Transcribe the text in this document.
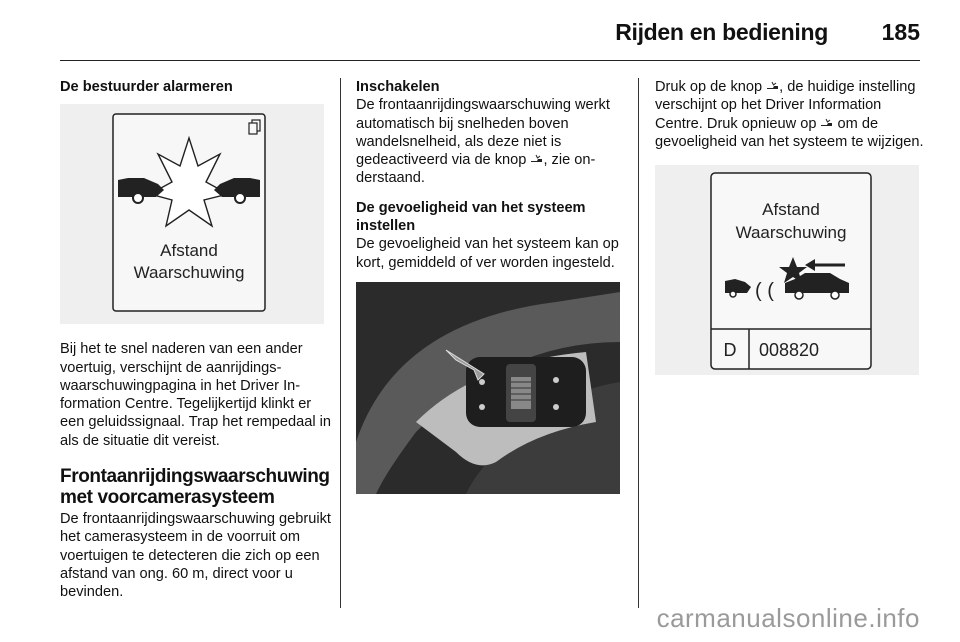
Rijden en bediening 185
De bestuurder alarmeren
Afstand
Waarschuwing

Bij het te snel naderen van een ander voertuig, verschijnt de aanrijdingswaarschuwingpagina in het Driver Information Centre. Tegelijkertijd klinkt er een geluidssignaal. Trap het rempedaal in als de situatie dit vereist.

Frontaanrijdingswaarschuwing met voorcamerasysteem

De frontaanrijdingswaarschuwing gebruikt het camerasysteem in de voorruit om voertuigen te detecteren die zich op een afstand van ong. 60 m, direct voor u bevinden.

Inschakelen

De frontaanrijdingswaarschuwing werkt automatisch bij snelheden boven wandelsnelheid, als deze niet is gedeactiveerd via de knop , zie onderstaand.

De gevoeligheid van het systeem instellen

De gevoeligheid van het systeem kan op kort, gemiddeld of ver worden ingesteld.

Druk op de knop , de huidige instelling verschijnt op het Driver Information Centre. Druk opnieuw op  om de gevoeligheid van het systeem te wijzigen.

Afstand
Waarschuwing
( (
D 008820
carmanualsonline.info
